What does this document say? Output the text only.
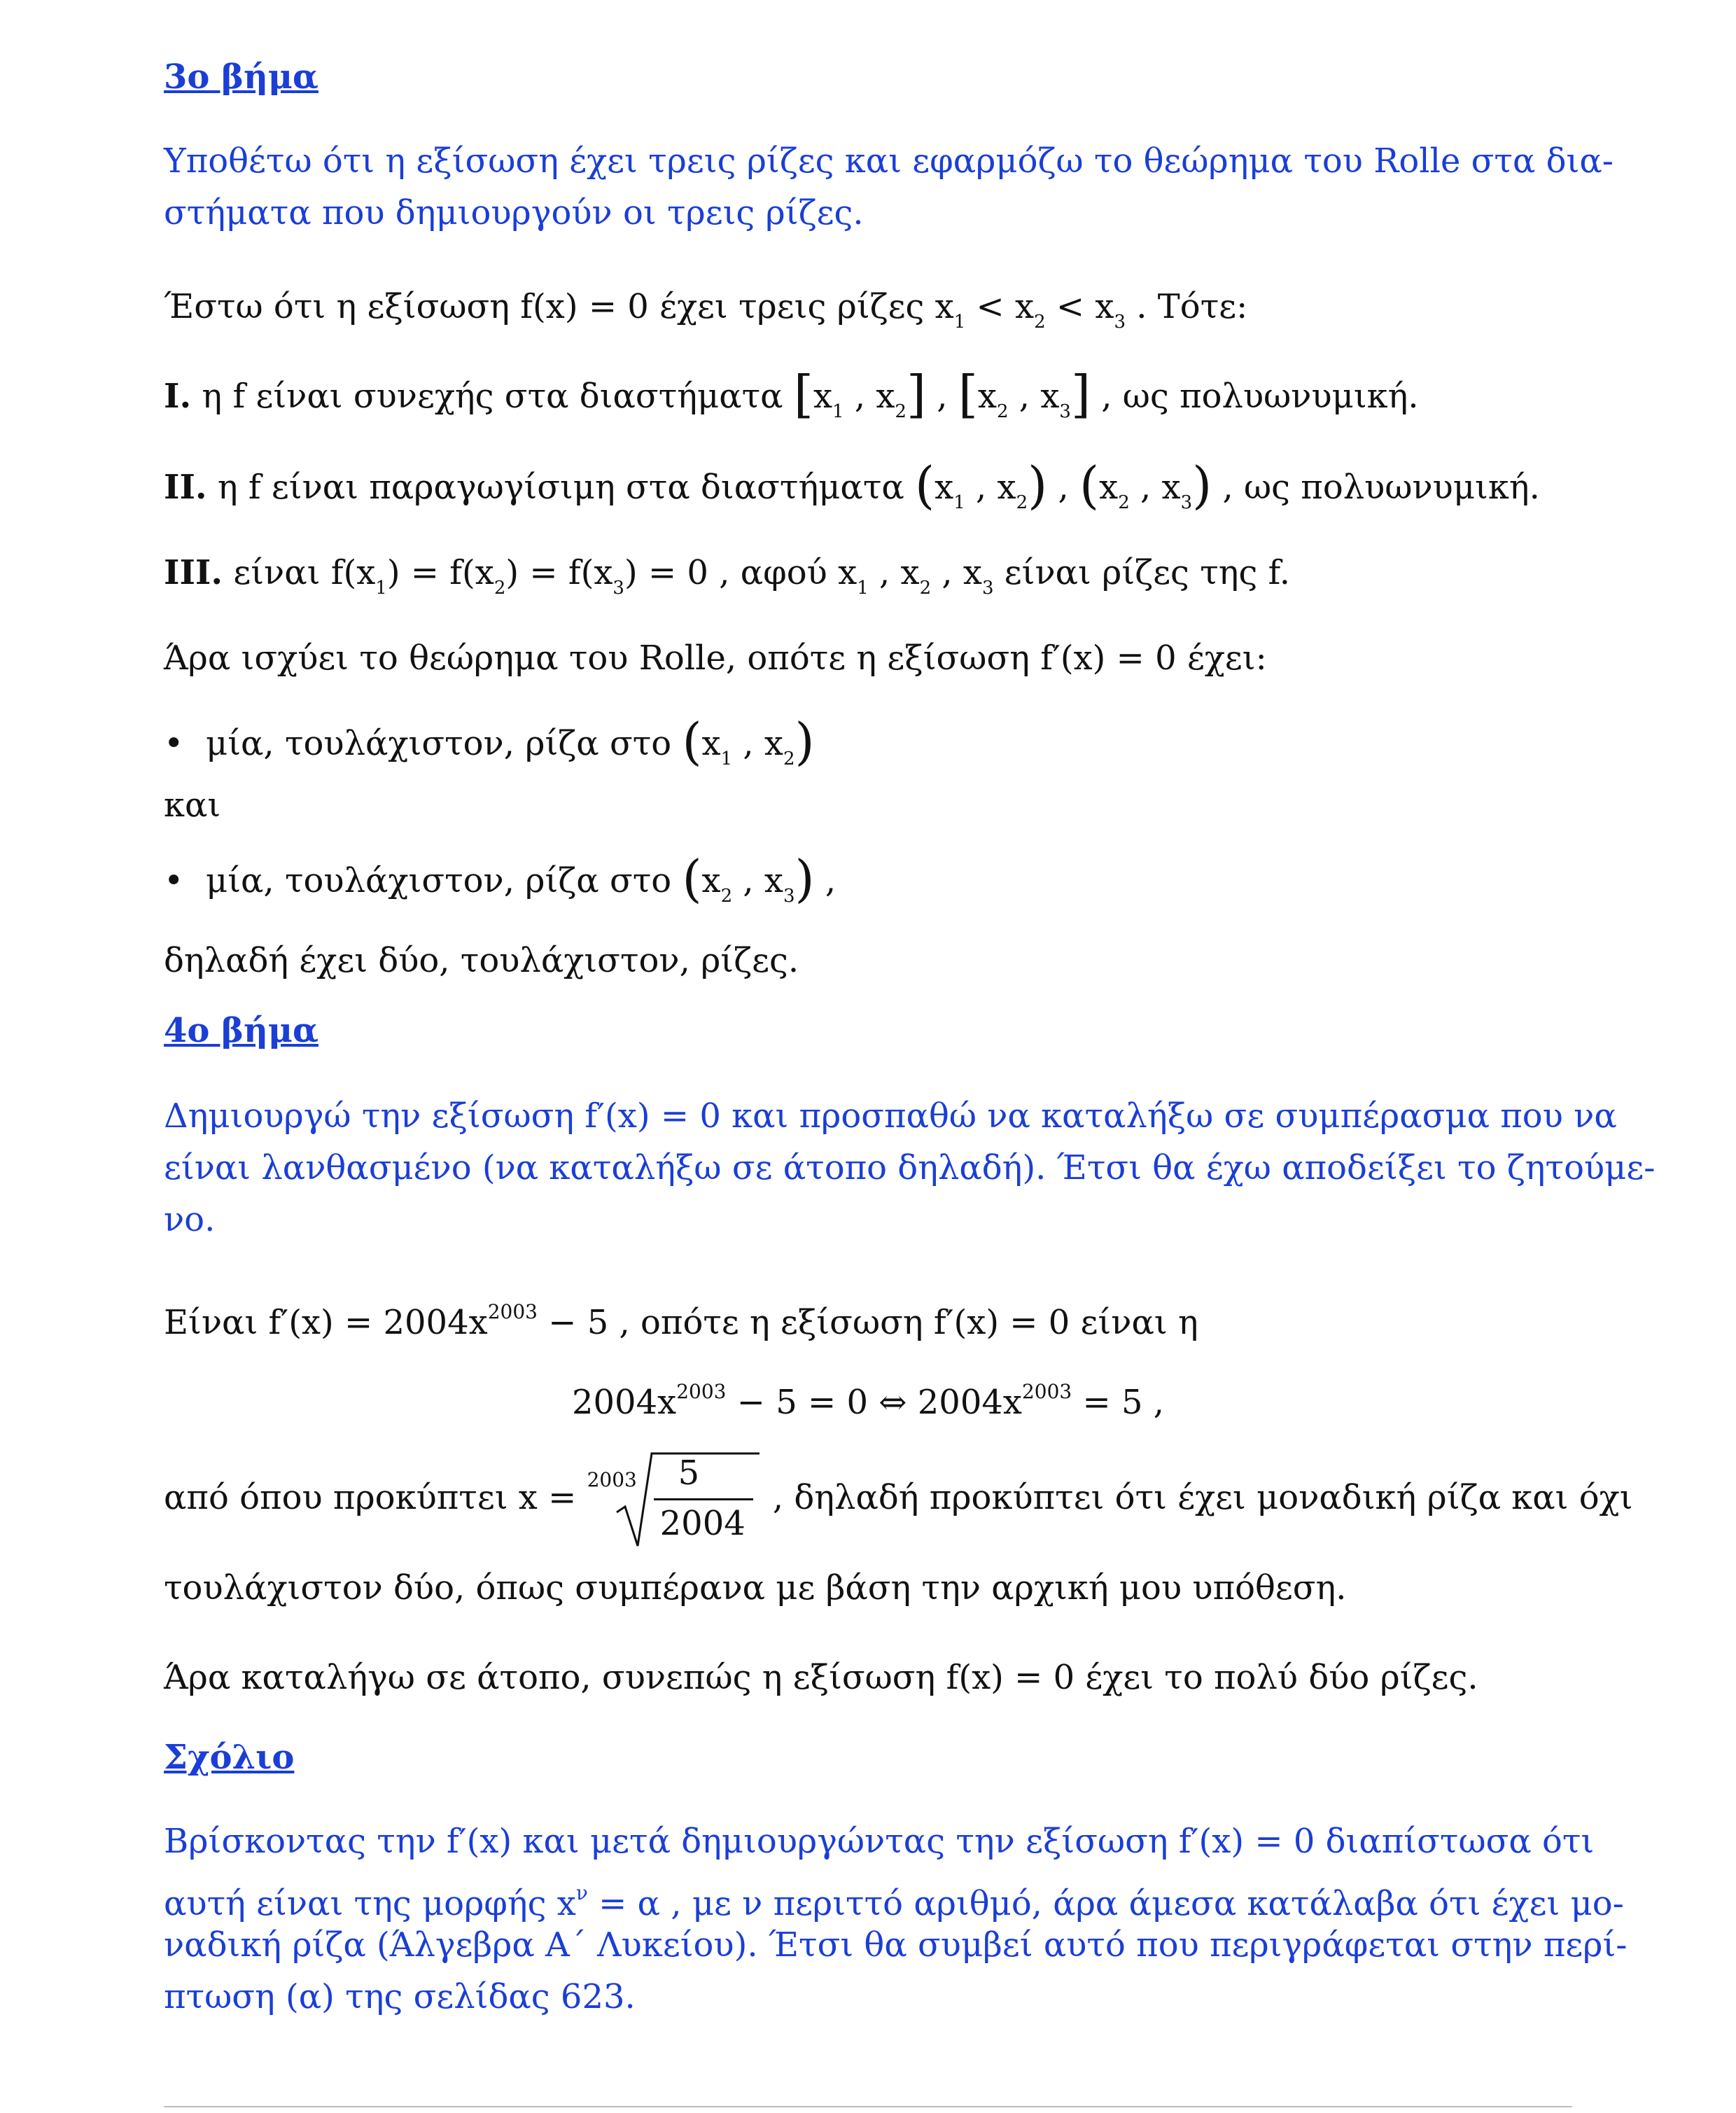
3ο βήμα
Υποθέτω ότι η εξίσωση έχει τρεις ρίζες και εφαρμόζω το θεώρημα του Rolle στα δια-
στήματα που δημιουργούν οι τρεις ρίζες.
Έστω ότι η εξίσωση f(x) = 0 έχει τρεις ρίζες $x_1 < x_2 < x_3$ . Τότε:
I. η f είναι συνεχής στα διαστήματα [$x_1$ , $x_2$] , [$x_2$ , $x_3$] , ως πολυωνυμική.
II. η f είναι παραγωγίσιμη στα διαστήματα ($x_1$ , $x_2$) , ($x_2$ , $x_3$) , ως πολυωνυμική.
III. είναι $f(x_1) = f(x_2) = f(x_3) = 0$ , αφού $x_1$ , $x_2$ , $x_3$ είναι ρίζες της f.
Άρα ισχύει το θεώρημα του Rolle, οπότε η εξίσωση f′(x) = 0 έχει:
• μία, τουλάχιστον, ρίζα στο ($x_1$ , $x_2$)
και
• μία, τουλάχιστον, ρίζα στο ($x_2$ , $x_3$) ,
δηλαδή έχει δύο, τουλάχιστον, ρίζες.
4ο βήμα
Δημιουργώ την εξίσωση f′(x) = 0 και προσπαθώ να καταλήξω σε συμπέρασμα που να
είναι λανθασμένο (να καταλήξω σε άτοπο δηλαδή). Έτσι θα έχω αποδείξει το ζητούμε-
νο.
Είναι $f'(x) = 2004x^{2003} - 5$ , οπότε η εξίσωση f′(x) = 0 είναι η
$2004x^{2003} - 5 = 0$ ⇔ $2004x^{2003} = 5$ ,
από όπου προκύπτει x = 2003 5
2004
, δηλαδή προκύπτει ότι έχει μοναδική ρίζα και όχι
τουλάχιστον δύο, όπως συμπέρανα με βάση την αρχική μου υπόθεση.
Άρα καταλήγω σε άτοπο, συνεπώς η εξίσωση f(x) = 0 έχει το πολύ δύο ρίζες.
Σχόλιο
Βρίσκοντας την f′(x) και μετά δημιουργώντας την εξίσωση f′(x) = 0 διαπίστωσα ότι
αυτή είναι της μορφής $x^\nu = \alpha$ , με ν περιττό αριθμό, άρα άμεσα κατάλαβα ότι έχει μο-
ναδική ρίζα (Άλγεβρα Α΄ Λυκείου). Έτσι θα συμβεί αυτό που περιγράφεται στην περί-
πτωση (α) της σελίδας 623.
